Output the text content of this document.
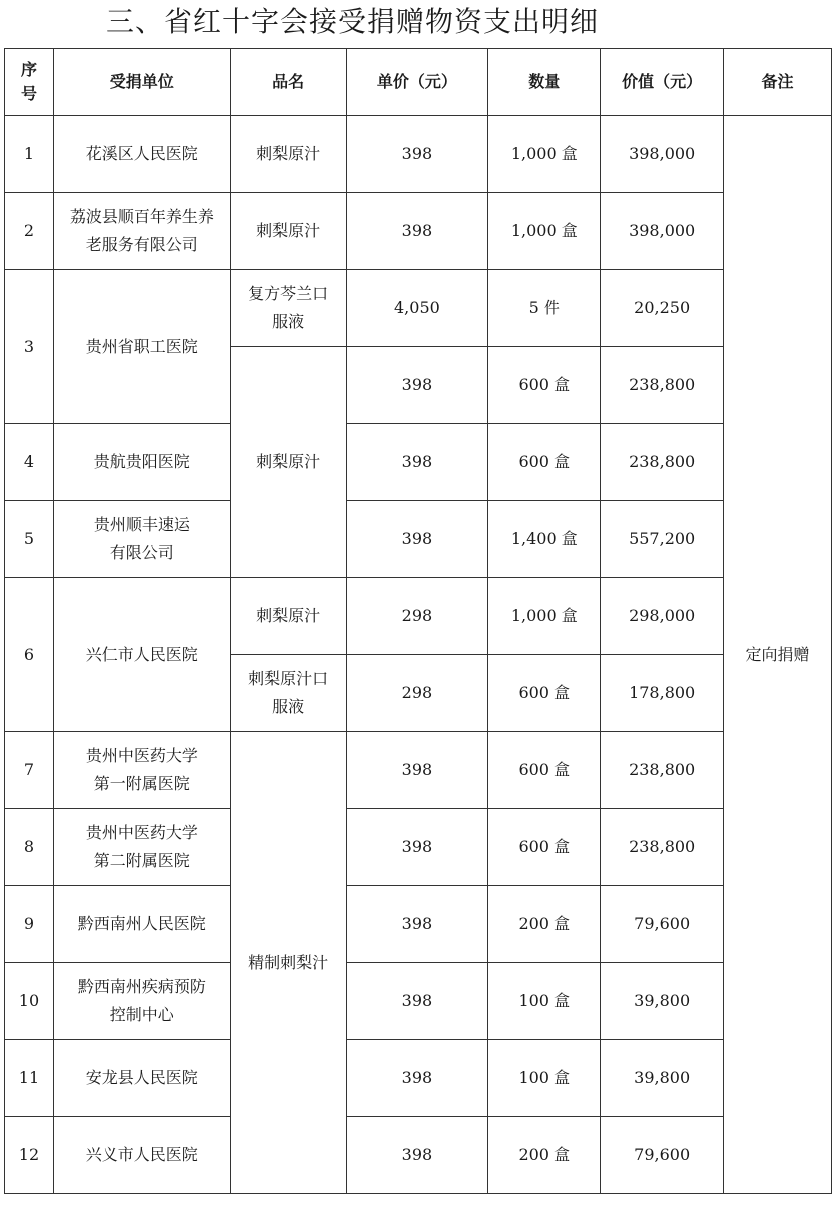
三、省红十字会接受捐赠物资支出明细
序
号	受捐单位	品名	单价（元）	数量	价值（元）	备注
1	花溪区人民医院	刺梨原汁	398	1,000 盒	398,000	定向捐赠
2	荔波县顺百年养生养老服务有限公司	刺梨原汁	398	1,000 盒	398,000	
3	贵州省职工医院	复方芩兰口服液	4,050	5 件	20,250	
		刺梨原汁	398	600 盒	238,800	
4	贵航贵阳医院		398	600 盒	238,800	
5	贵州顺丰速运有限公司		398	1,400 盒	557,200	
6	兴仁市人民医院	刺梨原汁	298	1,000 盒	298,000	
		刺梨原汁口服液	298	600 盒	178,800	
7	贵州中医药大学第一附属医院	精制刺梨汁	398	600 盒	238,800	
8	贵州中医药大学第二附属医院		398	600 盒	238,800	
9	黔西南州人民医院		398	200 盒	79,600	
10	黔西南州疾病预防控制中心		398	100 盒	39,800	
11	安龙县人民医院		398	100 盒	39,800	
12	兴义市人民医院		398	200 盒	79,600	
